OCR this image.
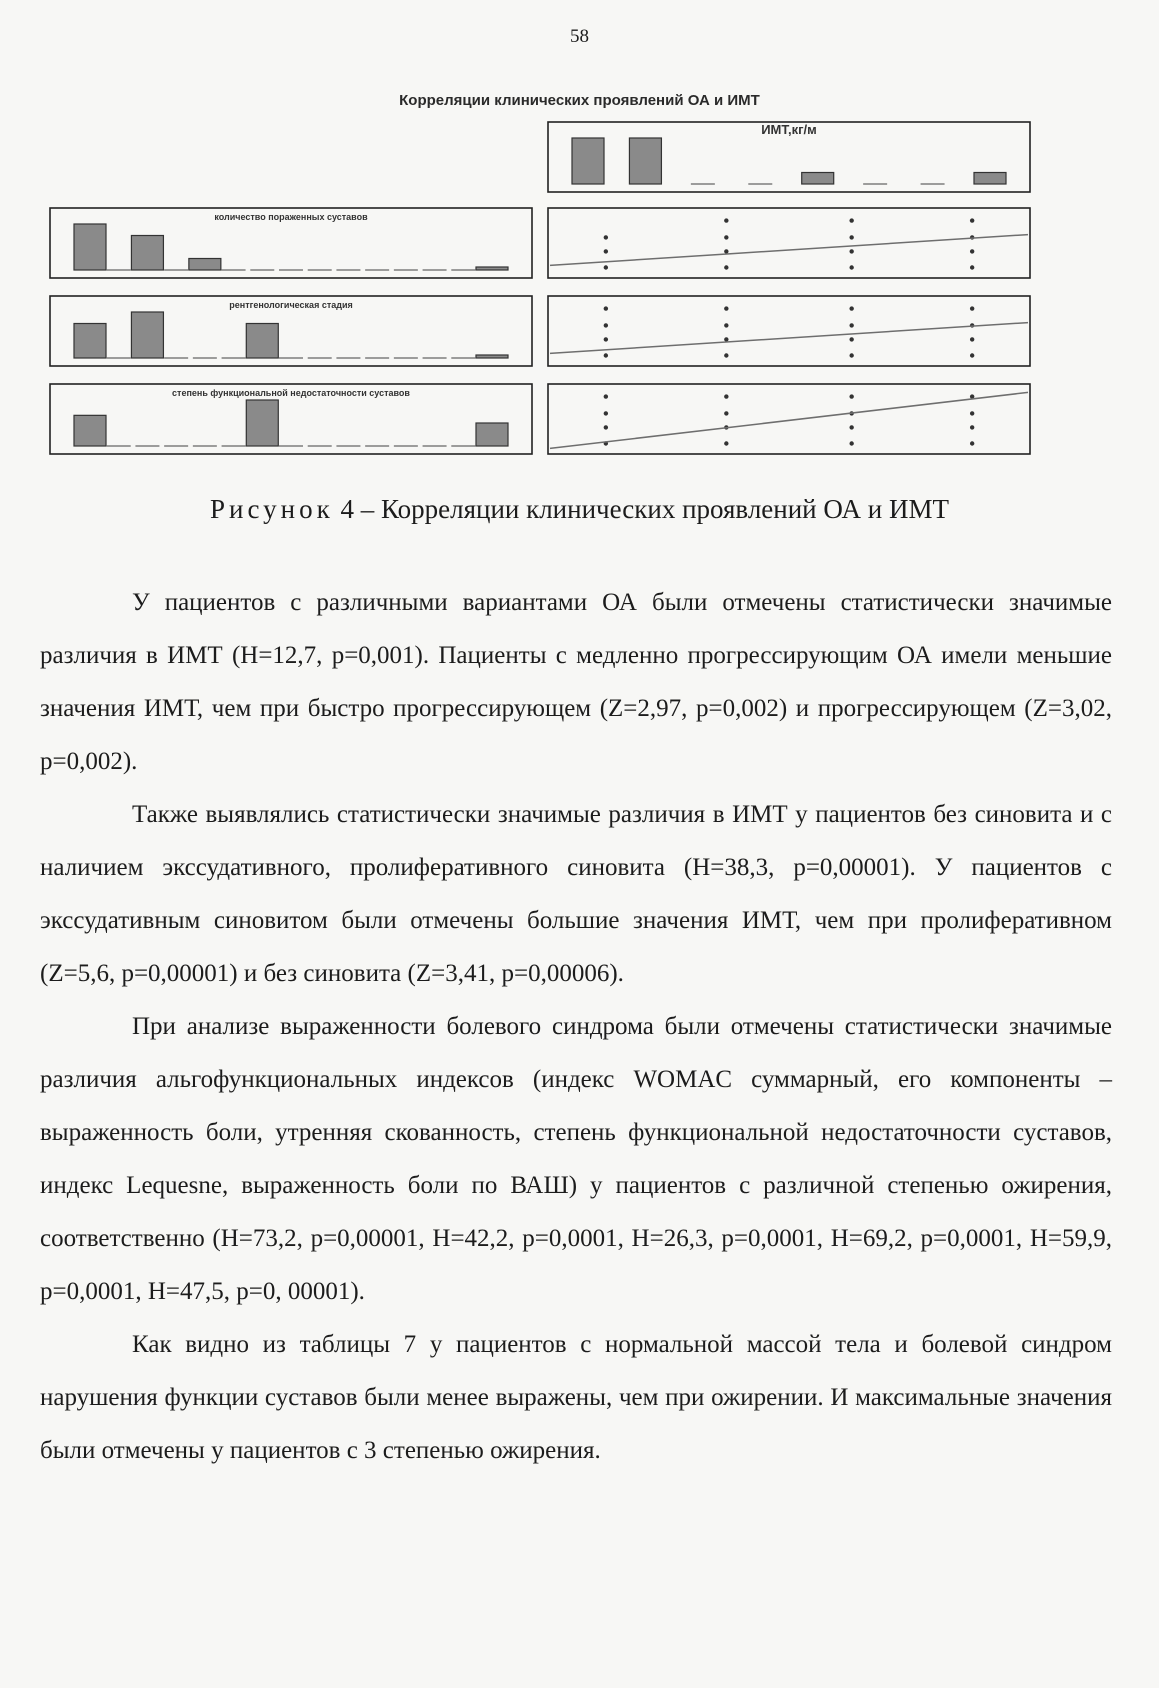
58
ИМТ,кг/м
количество пораженных суставов
рентгенологическая стадия
степень функциональной недостаточности суставов
Корреляции клинических проявлений ОА и ИМТ
Рисунок 4 – Корреляции клинических проявлений ОА и ИМТ

У пациентов с различными вариантами ОА были отмечены статистически значимые различия в ИМТ (Н=12,7, р=0,001). Пациенты с медленно прогрессирующим ОА имели меньшие значения ИМТ, чем при быстро прогрессирующем (Z=2,97, р=0,002) и прогрессирующем (Z=3,02, р=0,002).

Также выявлялись статистически значимые различия в ИМТ у пациентов без синовита и с наличием экссудативного, пролиферативного синовита (Н=38,3, р=0,00001). У пациентов с экссудативным синовитом были отмечены большие значения ИМТ, чем при пролиферативном (Z=5,6, р=0,00001) и без синовита (Z=3,41, р=0,00006).

При анализе выраженности болевого синдрома были отмечены статистически значимые различия альгофункциональных индексов (индекс WOMAC суммарный, его компоненты – выраженность боли, утренняя скованность, степень функциональной недостаточности суставов, индекс Lequesne, выраженность боли по ВАШ) у пациентов с различной степенью ожирения, соответственно (Н=73,2, р=0,00001, Н=42,2, р=0,0001, Н=26,3, р=0,0001, Н=69,2, р=0,0001, Н=59,9, р=0,0001, Н=47,5, р=0, 00001).

Как видно из таблицы 7 у пациентов с нормальной массой тела и болевой синдром нарушения функции суставов были менее выражены, чем при ожирении. И максимальные значения были отмечены у пациентов с 3 степенью ожирения.
